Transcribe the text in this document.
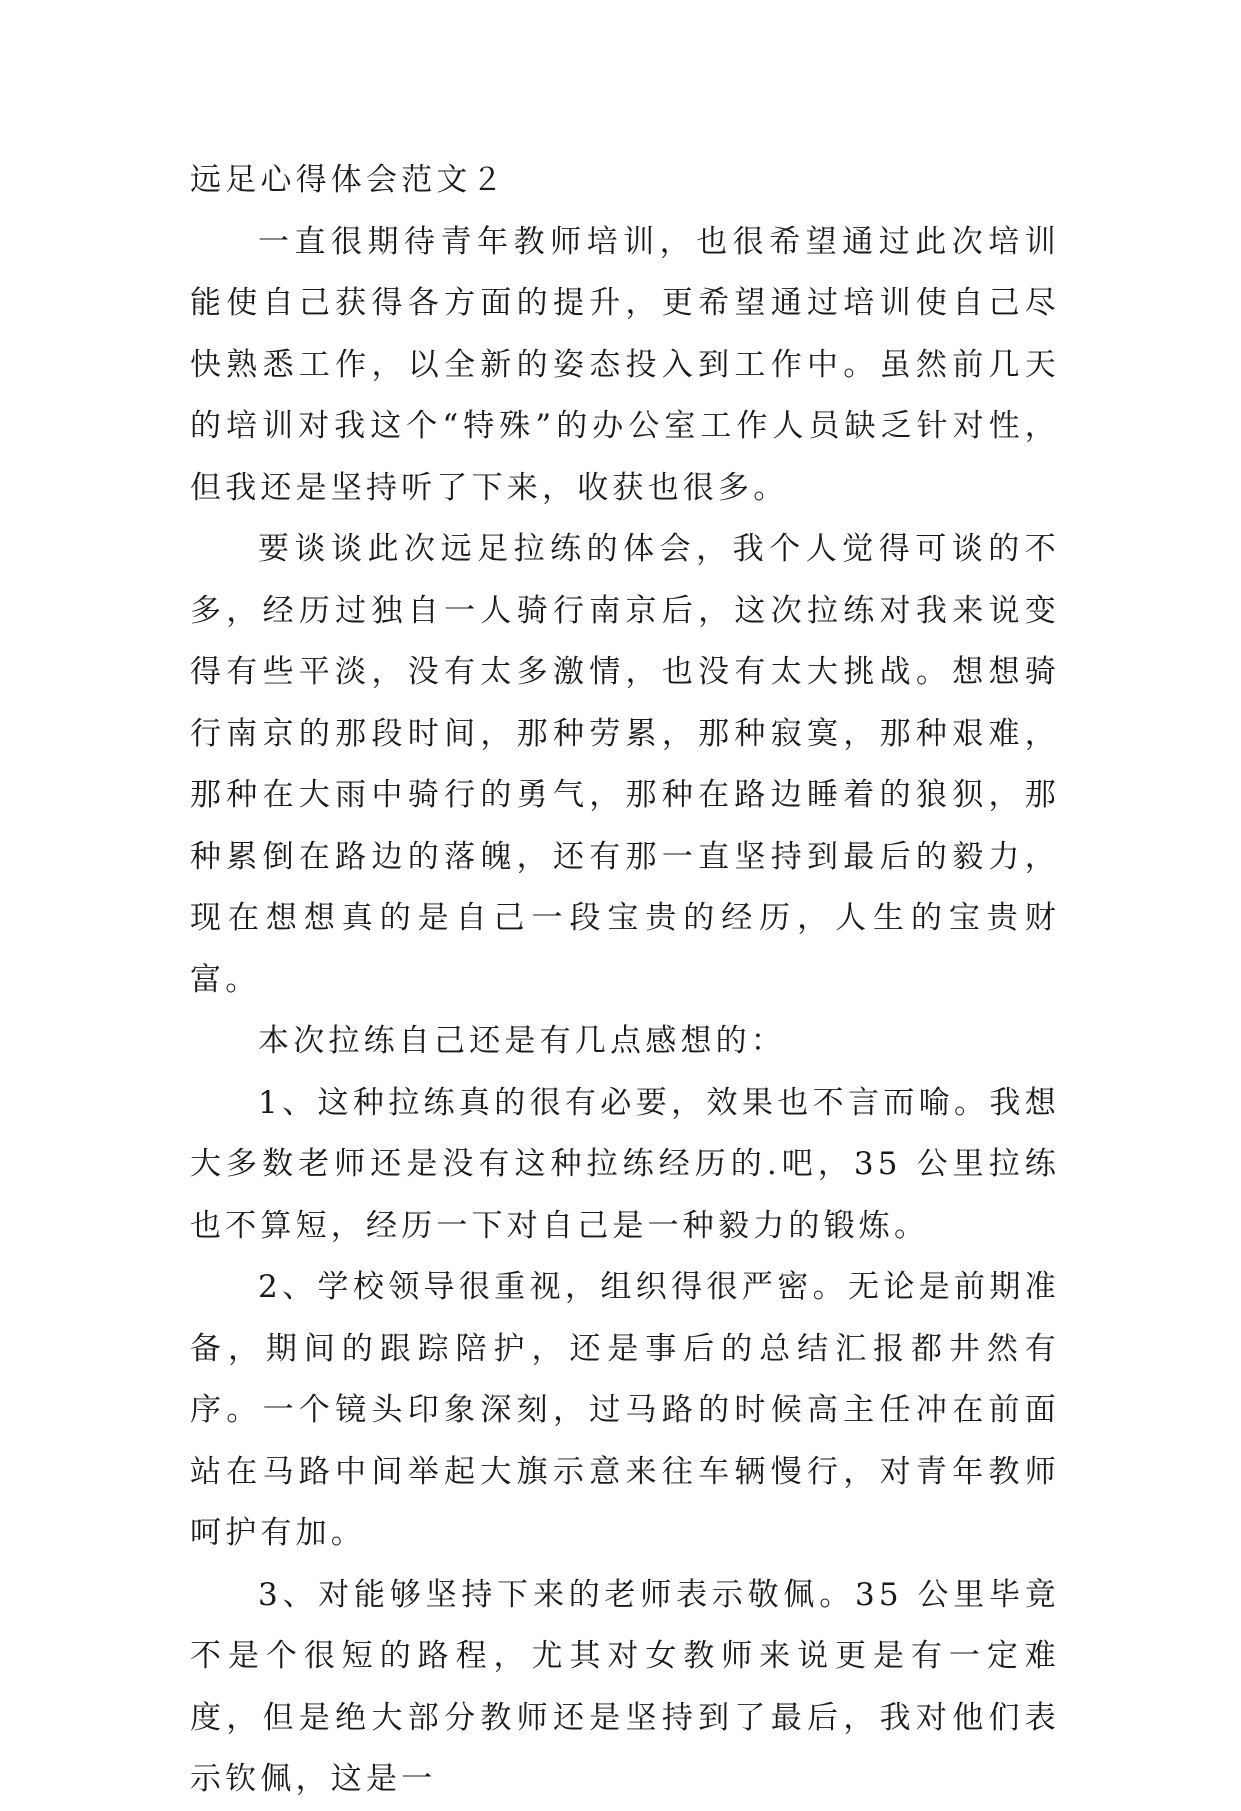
远足心得体会范文２

一直很期待青年教师培训，也很希望通过此次培训能使自己获得各方面的提升，更希望通过培训使自己尽快熟悉工作，以全新的姿态投入到工作中。虽然前几天的培训对我这个“特殊”的办公室工作人员缺乏针对性，但我还是坚持听了下来，收获也很多。

要谈谈此次远足拉练的体会，我个人觉得可谈的不多，经历过独自一人骑行南京后，这次拉练对我来说变得有些平淡，没有太多激情，也没有太大挑战。想想骑行南京的那段时间，那种劳累，那种寂寞，那种艰难，那种在大雨中骑行的勇气，那种在路边睡着的狼狈，那种累倒在路边的落魄，还有那一直坚持到最后的毅力，现在想想真的是自己一段宝贵的经历，人生的宝贵财富。

本次拉练自己还是有几点感想的：

1、这种拉练真的很有必要，效果也不言而喻。我想大多数老师还是没有这种拉练经历的.吧，35 公里拉练也不算短，经历一下对自己是一种毅力的锻炼。

2、学校领导很重视，组织得很严密。无论是前期准备，期间的跟踪陪护，还是事后的总结汇报都井然有序。一个镜头印象深刻，过马路的时候高主任冲在前面站在马路中间举起大旗示意来往车辆慢行，对青年教师呵护有加。

3、对能够坚持下来的老师表示敬佩。35 公里毕竟不是个很短的路程，尤其对女教师来说更是有一定难度，但是绝大部分教师还是坚持到了最后，我对他们表示钦佩，这是一
